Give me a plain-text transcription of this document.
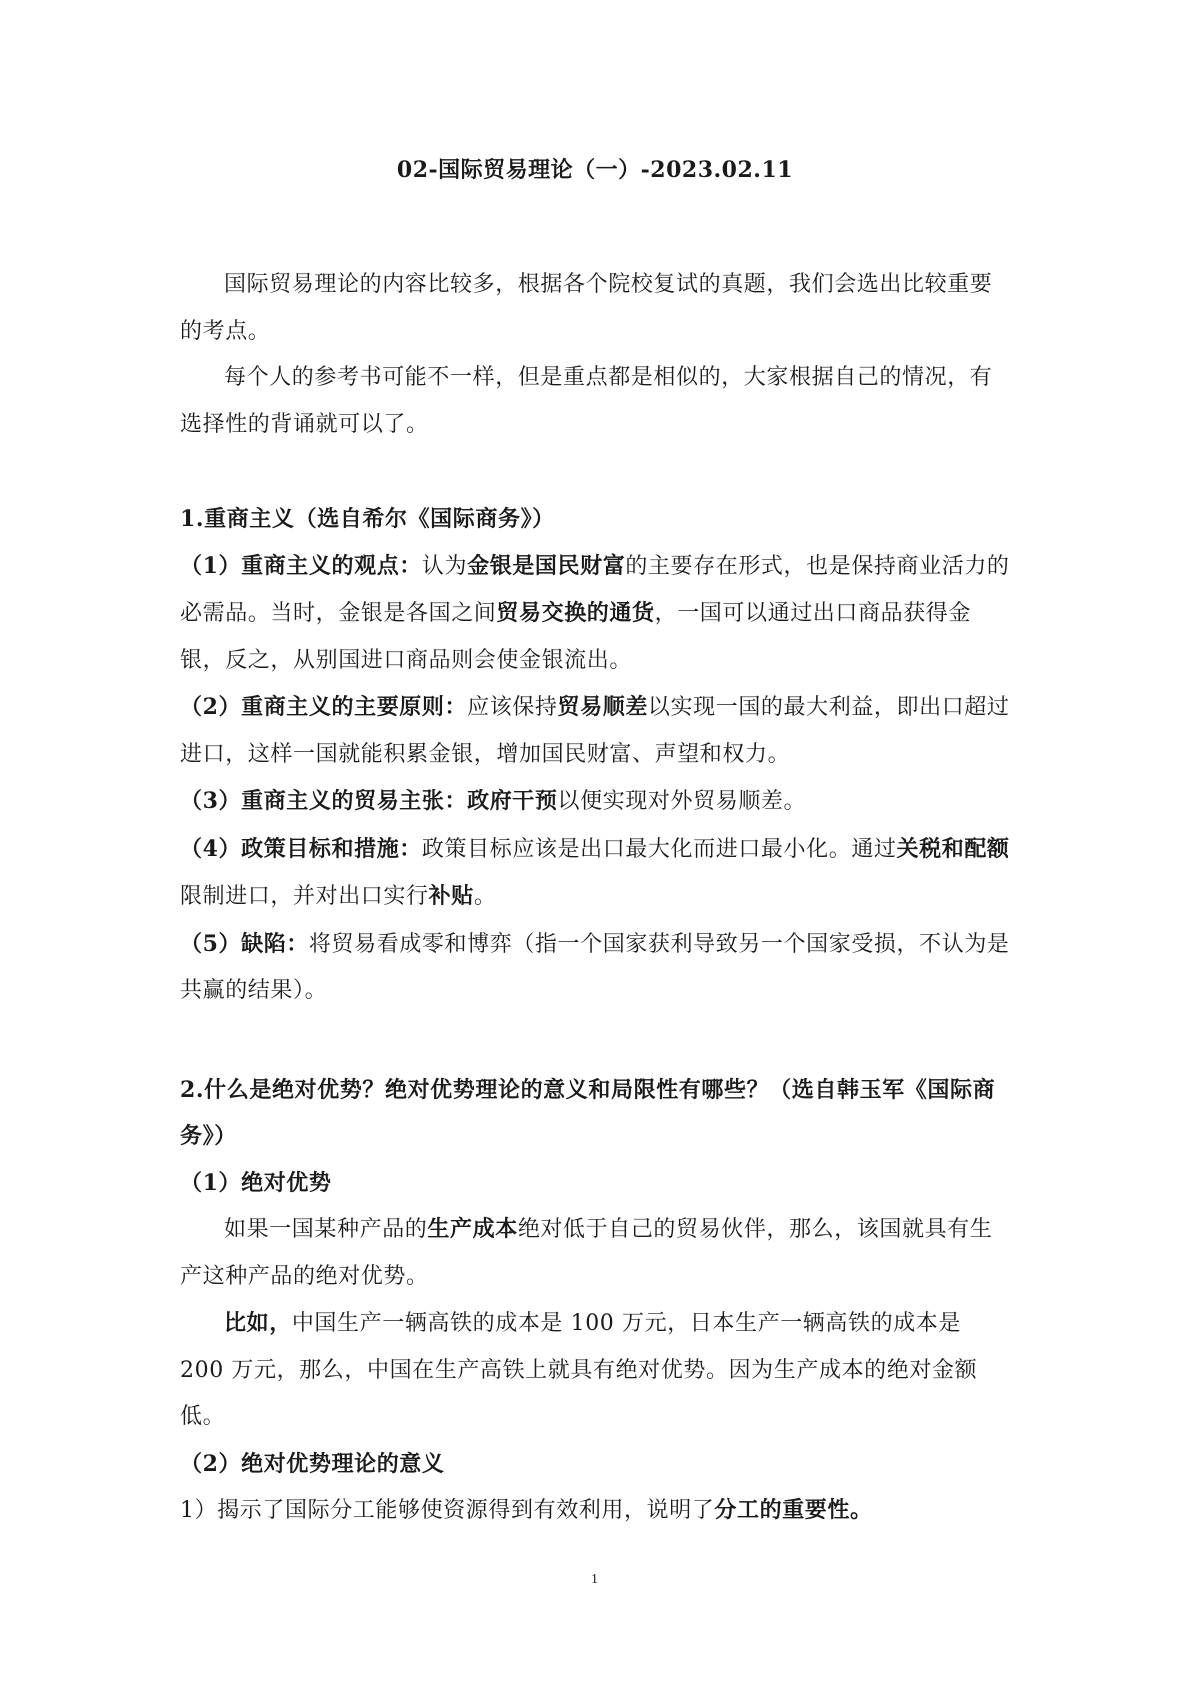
02-国际贸易理论（一）-2023.02.11

国际贸易理论的内容比较多，根据各个院校复试的真题，我们会选出比较重要的考点。

每个人的参考书可能不一样，但是重点都是相似的，大家根据自己的情况，有选择性的背诵就可以了。

1.重商主义（选自希尔《国际商务》）

（1）重商主义的观点：认为金银是国民财富的主要存在形式，也是保持商业活力的必需品。当时，金银是各国之间贸易交换的通货，一国可以通过出口商品获得金银，反之，从别国进口商品则会使金银流出。

（2）重商主义的主要原则：应该保持贸易顺差以实现一国的最大利益，即出口超过进口，这样一国就能积累金银，增加国民财富、声望和权力。

（3）重商主义的贸易主张：政府干预以便实现对外贸易顺差。

（4）政策目标和措施：政策目标应该是出口最大化而进口最小化。通过关税和配额限制进口，并对出口实行补贴。

（5）缺陷：将贸易看成零和博弈（指一个国家获利导致另一个国家受损，不认为是共赢的结果）。

2.什么是绝对优势？绝对优势理论的意义和局限性有哪些？（选自韩玉军《国际商务》）

（1）绝对优势

如果一国某种产品的生产成本绝对低于自己的贸易伙伴，那么，该国就具有生产这种产品的绝对优势。

比如，中国生产一辆高铁的成本是 100 万元，日本生产一辆高铁的成本是 200 万元，那么，中国在生产高铁上就具有绝对优势。因为生产成本的绝对金额低。

（2）绝对优势理论的意义

1）揭示了国际分工能够使资源得到有效利用，说明了分工的重要性。

1
